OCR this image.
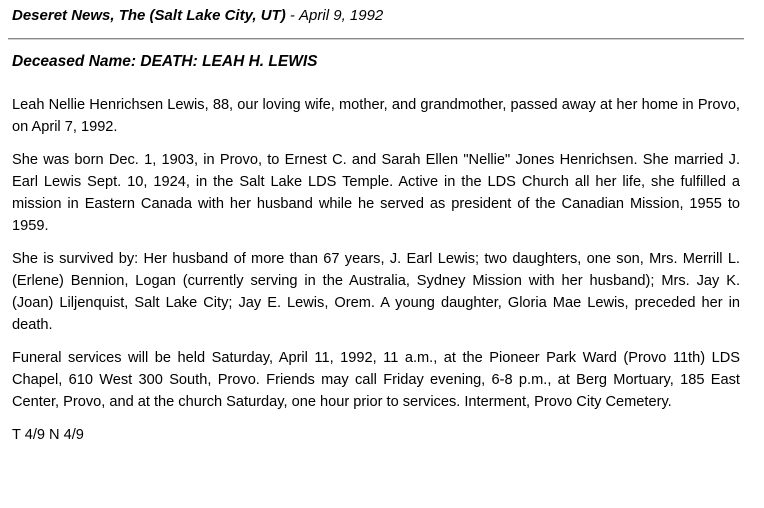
Deseret News, The (Salt Lake City, UT) - April 9, 1992
Deceased Name: DEATH: LEAH H. LEWIS

Leah Nellie Henrichsen Lewis, 88, our loving wife, mother, and grandmother, passed away at her home in Provo, on April 7, 1992.

She was born Dec. 1, 1903, in Provo, to Ernest C. and Sarah Ellen "Nellie" Jones Henrichsen. She married J. Earl Lewis Sept. 10, 1924, in the Salt Lake LDS Temple. Active in the LDS Church all her life, she fulfilled a mission in Eastern Canada with her husband while he served as president of the Canadian Mission, 1955 to 1959.

She is survived by: Her husband of more than 67 years, J. Earl Lewis; two daughters, one son, Mrs. Merrill L. (Erlene) Bennion, Logan (currently serving in the Australia, Sydney Mission with her husband); Mrs. Jay K. (Joan) Liljenquist, Salt Lake City; Jay E. Lewis, Orem. A young daughter, Gloria Mae Lewis, preceded her in death.

Funeral services will be held Saturday, April 11, 1992, 11 a.m., at the Pioneer Park Ward (Provo 11th) LDS Chapel, 610 West 300 South, Provo. Friends may call Friday evening, 6-8 p.m., at Berg Mortuary, 185 East Center, Provo, and at the church Saturday, one hour prior to services. Interment, Provo City Cemetery.

T 4/9 N 4/9
